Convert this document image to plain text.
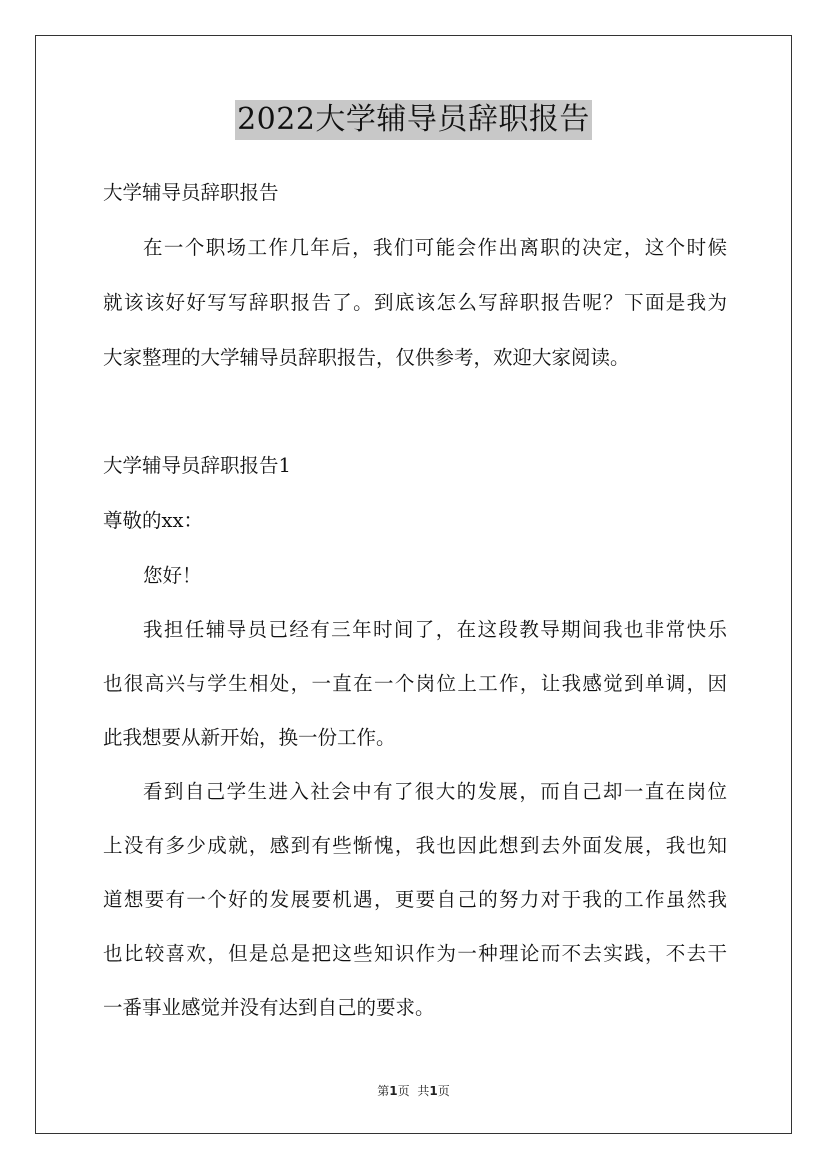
2022大学辅导员辞职报告
大学辅导员辞职报告
在一个职场工作几年后，我们可能会作出离职的决定，这个时候
就该该好好写写辞职报告了。到底该怎么写辞职报告呢？下面是我为
大家整理的大学辅导员辞职报告，仅供参考，欢迎大家阅读。
大学辅导员辞职报告1
尊敬的xx：
您好！
我担任辅导员已经有三年时间了，在这段教导期间我也非常快乐
也很高兴与学生相处，一直在一个岗位上工作，让我感觉到单调，因
此我想要从新开始，换一份工作。
看到自己学生进入社会中有了很大的发展，而自己却一直在岗位
上没有多少成就，感到有些惭愧，我也因此想到去外面发展，我也知
道想要有一个好的发展要机遇，更要自己的努力对于我的工作虽然我
也比较喜欢，但是总是把这些知识作为一种理论而不去实践，不去干
一番事业感觉并没有达到自己的要求。
第1页 共1页
